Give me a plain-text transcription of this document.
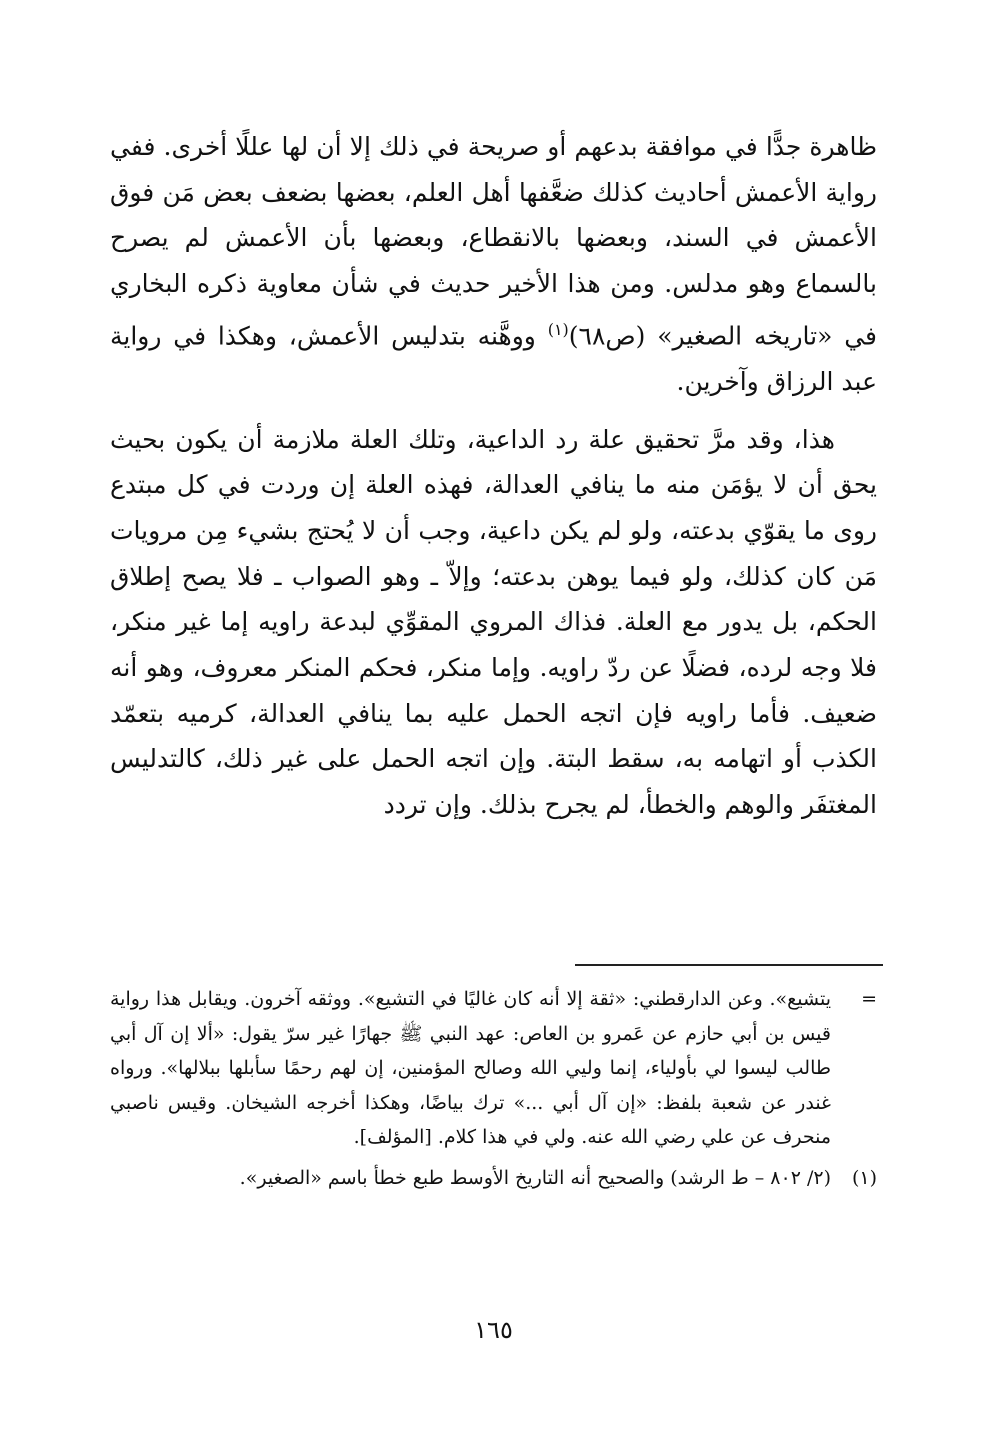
ظاهرة جدًّا في موافقة بدعهم أو صريحة في ذلك إلا أن لها عللًا أخرى. ففي رواية الأعمش أحاديث كذلك ضعَّفها أهل العلم، بعضها بضعف بعض مَن فوق الأعمش في السند، وبعضها بالانقطاع، وبعضها بأن الأعمش لم يصرح بالسماع وهو مدلس. ومن هذا الأخير حديث في شأن معاوية ذكره البخاري في «تاريخه الصغير» (ص٦٨)$^{(١)}$ ووهَّنه بتدليس الأعمش، وهكذا في رواية عبد الرزاق وآخرين.

هذا، وقد مرَّ تحقيق علة رد الداعية، وتلك العلة ملازمة أن يكون بحيث يحق أن لا يؤمَن منه ما ينافي العدالة، فهذه العلة إن وردت في كل مبتدع روى ما يقوّي بدعته، ولو لم يكن داعية، وجب أن لا يُحتج بشيء مِن مرويات مَن كان كذلك، ولو فيما يوهن بدعته؛ وإلاّ ـ وهو الصواب ـ فلا يصح إطلاق الحكم، بل يدور مع العلة. فذاك المروي المقوِّي لبدعة راويه إما غير منكر، فلا وجه لرده، فضلًا عن ردّ راويه. وإما منكر، فحكم المنكر معروف، وهو أنه ضعيف. فأما راويه فإن اتجه الحمل عليه بما ينافي العدالة، كرميه بتعمّد الكذب أو اتهامه به، سقط البتة. وإن اتجه الحمل على غير ذلك، كالتدليس المغتفَر والوهم والخطأ، لم يجرح بذلك. وإن تردد

=
يتشيع». وعن الدارقطني: «ثقة إلا أنه كان غاليًا في التشيع». ووثقه آخرون. ويقابل هذا رواية قيس بن أبي حازم عن عَمرو بن العاص: عهد النبي ﷺ جهارًا غير سرّ يقول: «ألا إن آل أبي طالب ليسوا لي بأولياء، إنما وليي الله وصالح المؤمنين، إن لهم رحمًا سأبلها ببلالها». ورواه غندر عن شعبة بلفظ: «إن آل أبي ...» ترك بياضًا، وهكذا أخرجه الشيخان. وقيس ناصبي منحرف عن علي رضي الله عنه. ولي في هذا كلام. [المؤلف].

(١)
(٢/ ٨٠٢ – ط الرشد) والصحيح أنه التاريخ الأوسط طبع خطأ باسم «الصغير».

١٦٥
